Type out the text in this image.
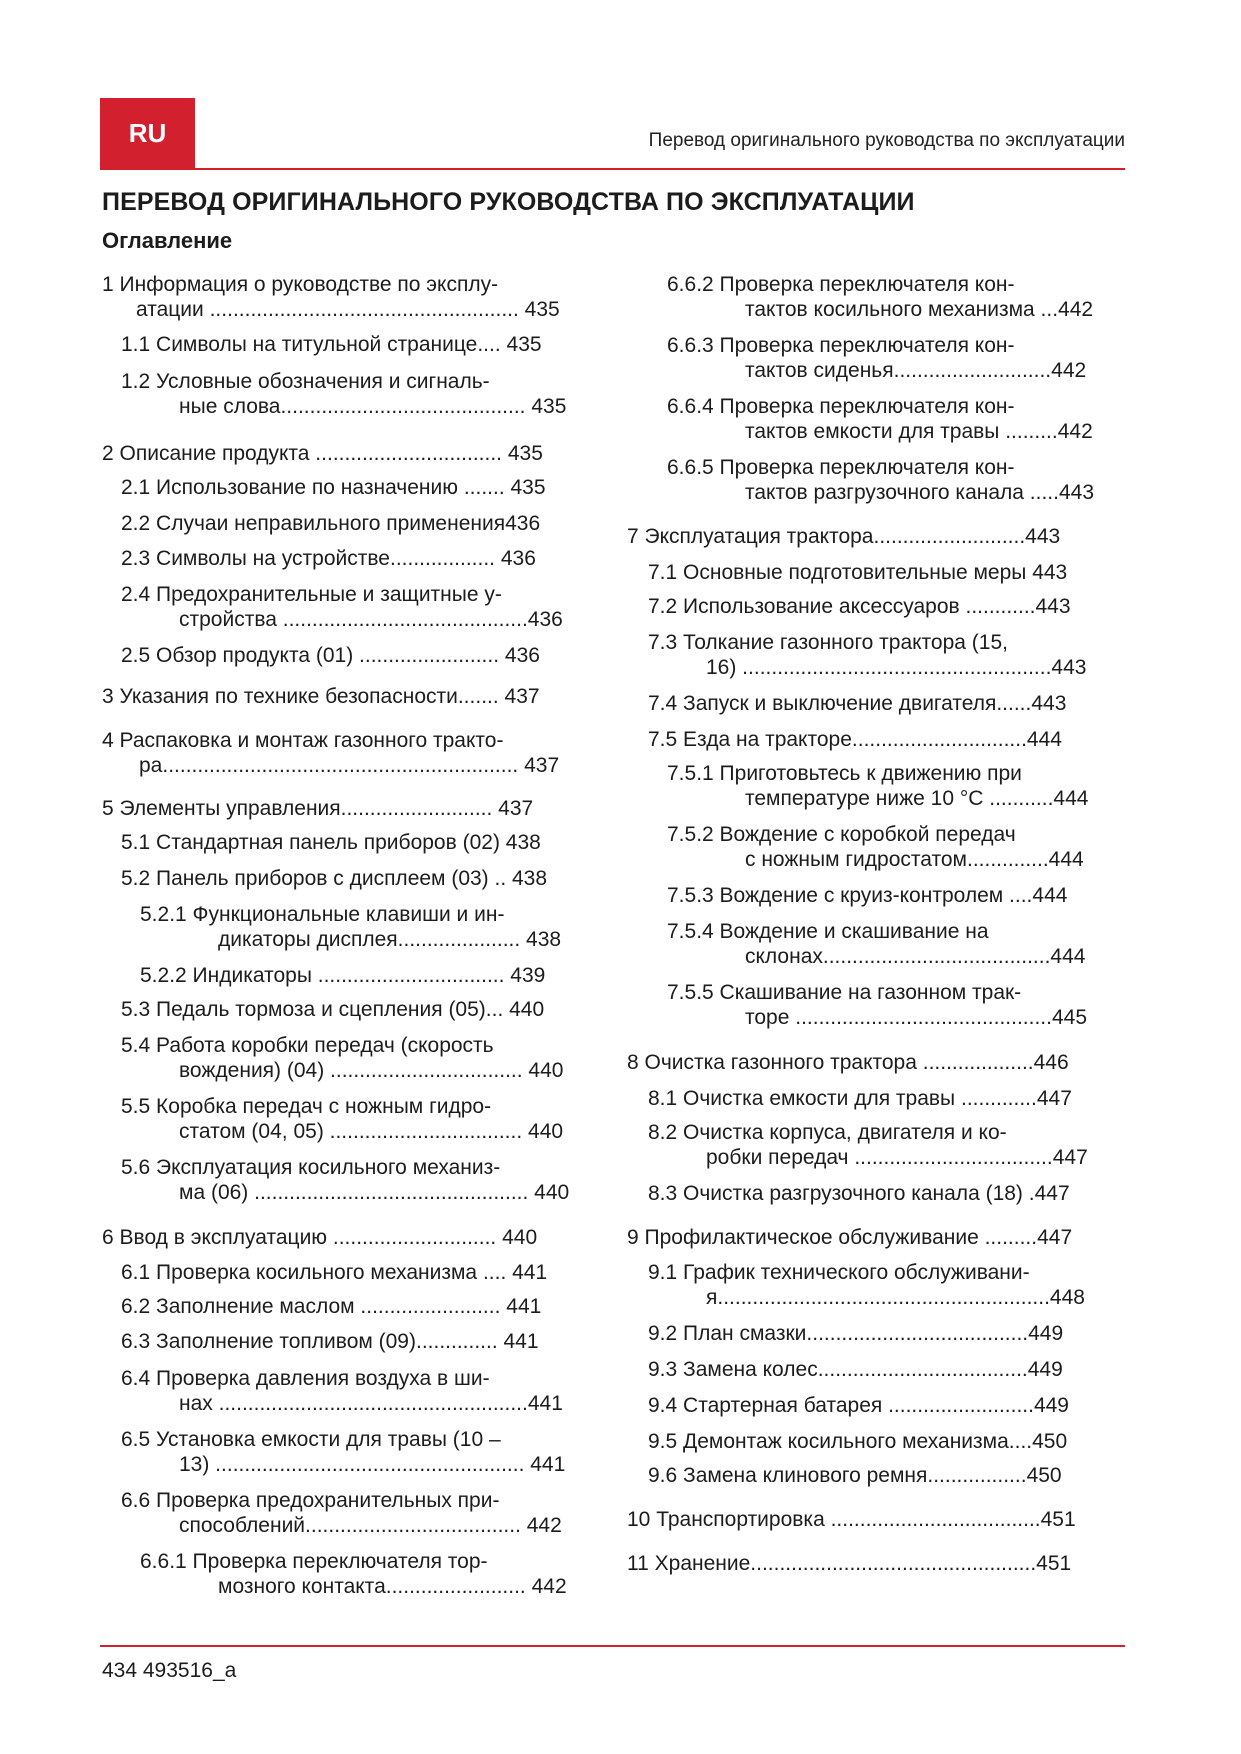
RU	Перевод оригинального руководства по эксплуатации
ПЕРЕВОД ОРИГИНАЛЬНОГО РУКОВОДСТВА ПО ЭКСПЛУАТАЦИИ
Оглавление
1 Информация о руководстве по эксплу-
атации ..................................................... 435
1.1 Символы на титульной странице.... 435
1.2 Условные обозначения и сигналь-
ные слова.......................................... 435
2 Описание продукта ................................ 435
2.1 Использование по назначению ....... 435
2.2 Случаи неправильного применения436
2.3 Символы на устройстве.................. 436
2.4 Предохранительные и защитные у-
стройства ..........................................436
2.5 Обзор продукта (01) ........................ 436
3 Указания по технике безопасности....... 437
4 Распаковка и монтаж газонного тракто-
ра............................................................. 437
5 Элементы управления.......................... 437
5.1 Стандартная панель приборов (02) 438
5.2 Панель приборов с дисплеем (03) .. 438
5.2.1 Функциональные клавиши и ин-
дикаторы дисплея..................... 438
5.2.2 Индикаторы ................................ 439
5.3 Педаль тормоза и сцепления (05)... 440
5.4 Работа коробки передач (скорость
вождения) (04) ................................. 440
5.5 Коробка передач с ножным гидро-
статом (04, 05) ................................. 440
5.6 Эксплуатация косильного механиз-
ма (06) ............................................... 440
6 Ввод в эксплуатацию ............................ 440
6.1 Проверка косильного механизма .... 441
6.2 Заполнение маслом ........................ 441
6.3 Заполнение топливом (09).............. 441
6.4 Проверка давления воздуха в ши-
нах .....................................................441
6.5 Установка емкости для травы (10 –
13) ..................................................... 441
6.6 Проверка предохранительных при-
способлений..................................... 442
6.6.1 Проверка переключателя тор-
мозного контакта........................ 442
6.6.2 Проверка переключателя кон-
тактов косильного механизма ...442
6.6.3 Проверка переключателя кон-
тактов сиденья...........................442
6.6.4 Проверка переключателя кон-
тактов емкости для травы .........442
6.6.5 Проверка переключателя кон-
тактов разгрузочного канала .....443
7 Эксплуатация трактора..........................443
7.1 Основные подготовительные меры 443
7.2 Использование аксессуаров ............443
7.3 Толкание газонного трактора (15,
16) .....................................................443
7.4 Запуск и выключение двигателя......443
7.5 Езда на тракторе..............................444
7.5.1 Приготовьтесь к движению при
температуре ниже 10 °C ...........444
7.5.2 Вождение с коробкой передач
с ножным гидростатом..............444
7.5.3 Вождение с круиз-контролем ....444
7.5.4 Вождение и скашивание на
склонах.......................................444
7.5.5 Скашивание на газонном трак-
торе ............................................445
8 Очистка газонного трактора ...................446
8.1 Очистка емкости для травы .............447
8.2 Очистка корпуса, двигателя и ко-
робки передач ..................................447
8.3 Очистка разгрузочного канала (18) .447
9 Профилактическое обслуживание .........447
9.1 График технического обслуживани-
я.........................................................448
9.2 План смазки......................................449
9.3 Замена колес....................................449
9.4 Стартерная батарея .........................449
9.5 Демонтаж косильного механизма....450
9.6 Замена клинового ремня.................450
10 Транспортировка ....................................451
11 Хранение.................................................451
434 493516_a
